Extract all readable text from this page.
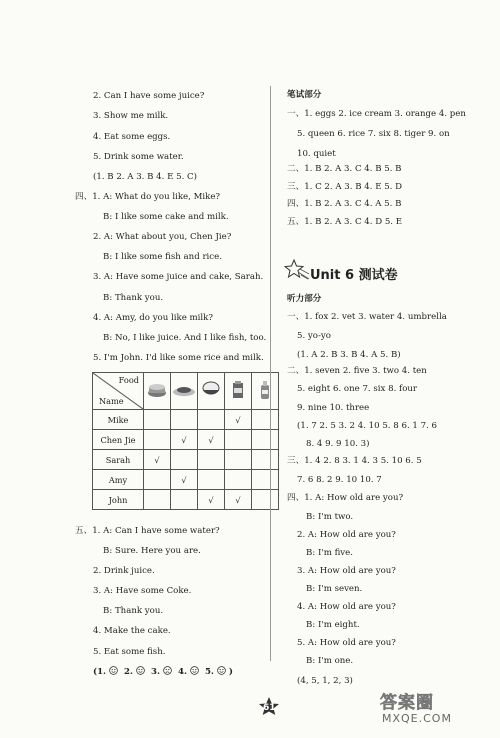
2. Can I have some juice?
3. Show me milk.
4. Eat some eggs.
5. Drink some water.
(1. B 2. A 3. B 4. E 5. C)
四、1. A: What do you like, Mike?
B: I like some cake and milk.
2. A: What about you, Chen Jie?
B: I like some fish and rice.
3. A: Have some juice and cake, Sarah.
B: Thank you.
4. A: Amy, do you like milk?
B: No, I like juice. And I like fish, too.
5. I'm John. I'd like some rice and milk.
五、1. A: Can I have some water?
B: Sure. Here you are.
2. Drink juice.
3. A: Have some Coke.
B: Thank you.
4. Make the cake.
5. Eat some fish.
Food
Name

Mike				√	
Chen Jie		√	√		
Sarah	√				
Amy		√			
John			√	√	
(1. 2. 3. 4. 5. )
笔试部分
一、1. eggs 2. ice cream 3. orange 4. pen
5. queen 6. rice 7. six 8. tiger 9. on
10. quiet
二、1. B 2. A 3. C 4. B 5. B
三、1. C 2. A 3. B 4. E 5. D
四、1. B 2. A 3. C 4. A 5. B
五、1. B 2. A 3. C 4. D 5. E
Unit 6 测试卷
听力部分
一、1. fox 2. vet 3. water 4. umbrella
5. yo-yo
(1. A 2. B 3. B 4. A 5. B)
二、1. seven 2. five 3. two 4. ten
5. eight 6. one 7. six 8. four
9. nine 10. three
(1. 7 2. 5 3. 2 4. 10 5. 8 6. 1 7. 6
8. 4 9. 9 10. 3)
三、1. 4 2. 8 3. 1 4. 3 5. 10 6. 5
7. 6 8. 2 9. 10 10. 7
四、1. A: How old are you?
B: I'm two.
2. A: How old are you?
B: I'm five.
3. A: How old are you?
B: I'm seven.
4. A: How old are you?
B: I'm eight.
5. A: How old are you?
B: I'm one.
(4, 5, 1, 2, 3)
61	答案圈
MXQE.COM
